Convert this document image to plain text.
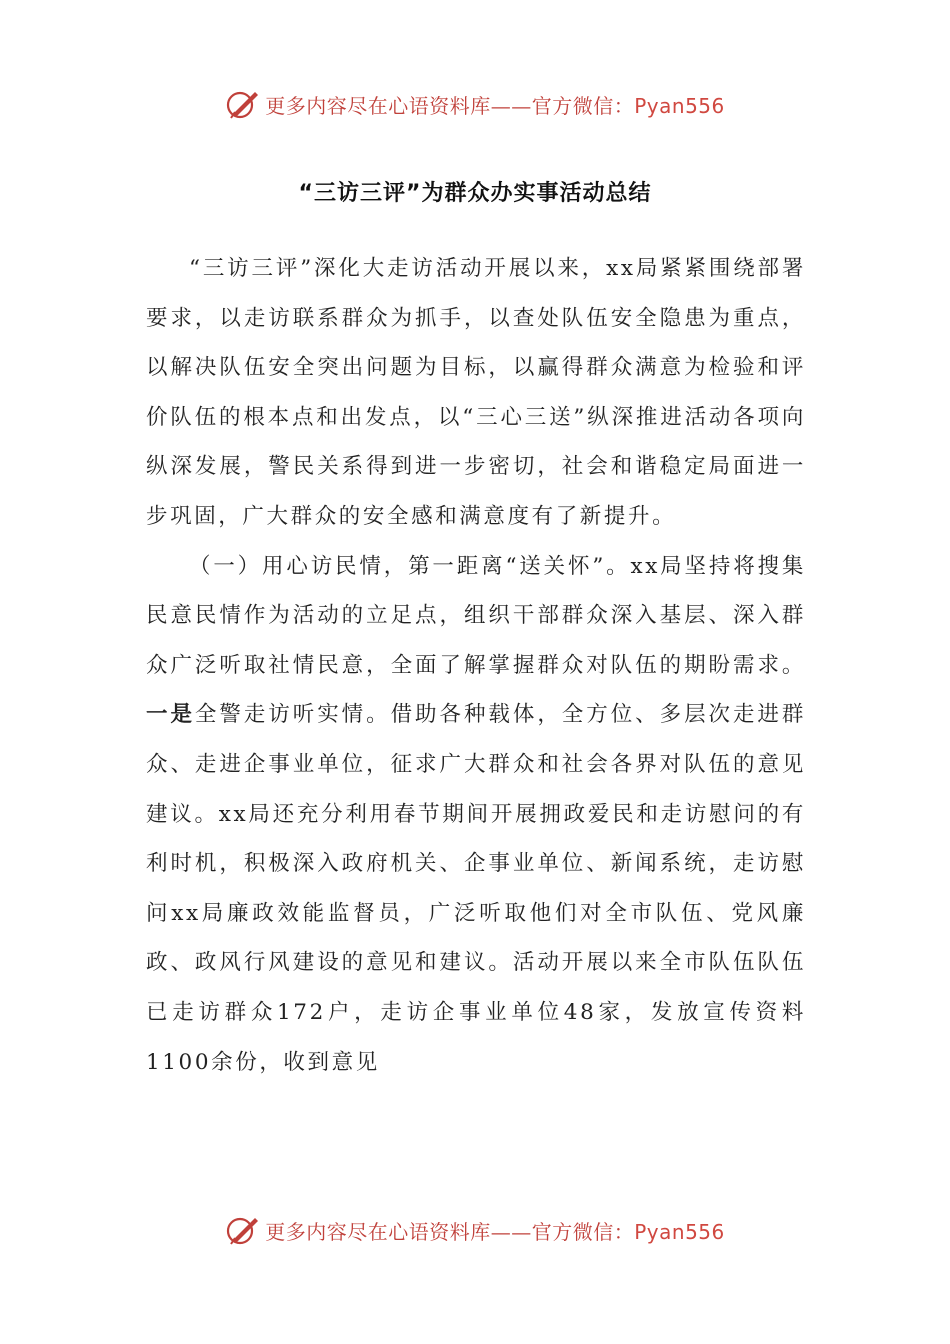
更多内容尽在心语资料库——官方微信：Pyan556
“三访三评”为群众办实事活动总结

“三访三评”深化大走访活动开展以来，xx局紧紧围绕部署要求，以走访联系群众为抓手，以查处队伍安全隐患为重点，以解决队伍安全突出问题为目标，以赢得群众满意为检验和评价队伍的根本点和出发点，以“三心三送”纵深推进活动各项向纵深发展，警民关系得到进一步密切，社会和谐稳定局面进一步巩固，广大群众的安全感和满意度有了新提升。

（一）用心访民情，第一距离“送关怀”。xx局坚持将搜集民意民情作为活动的立足点，组织干部群众深入基层、深入群众广泛听取社情民意，全面了解掌握群众对队伍的期盼需求。一是全警走访听实情。借助各种载体，全方位、多层次走进群众、走进企事业单位，征求广大群众和社会各界对队伍的意见建议。xx局还充分利用春节期间开展拥政爱民和走访慰问的有利时机，积极深入政府机关、企事业单位、新闻系统，走访慰问xx局廉政效能监督员，广泛听取他们对全市队伍、党风廉政、政风行风建设的意见和建议。活动开展以来全市队伍队伍已走访群众172户，走访企事业单位48家，发放宣传资料1100余份，收到意见

更多内容尽在心语资料库——官方微信：Pyan556
